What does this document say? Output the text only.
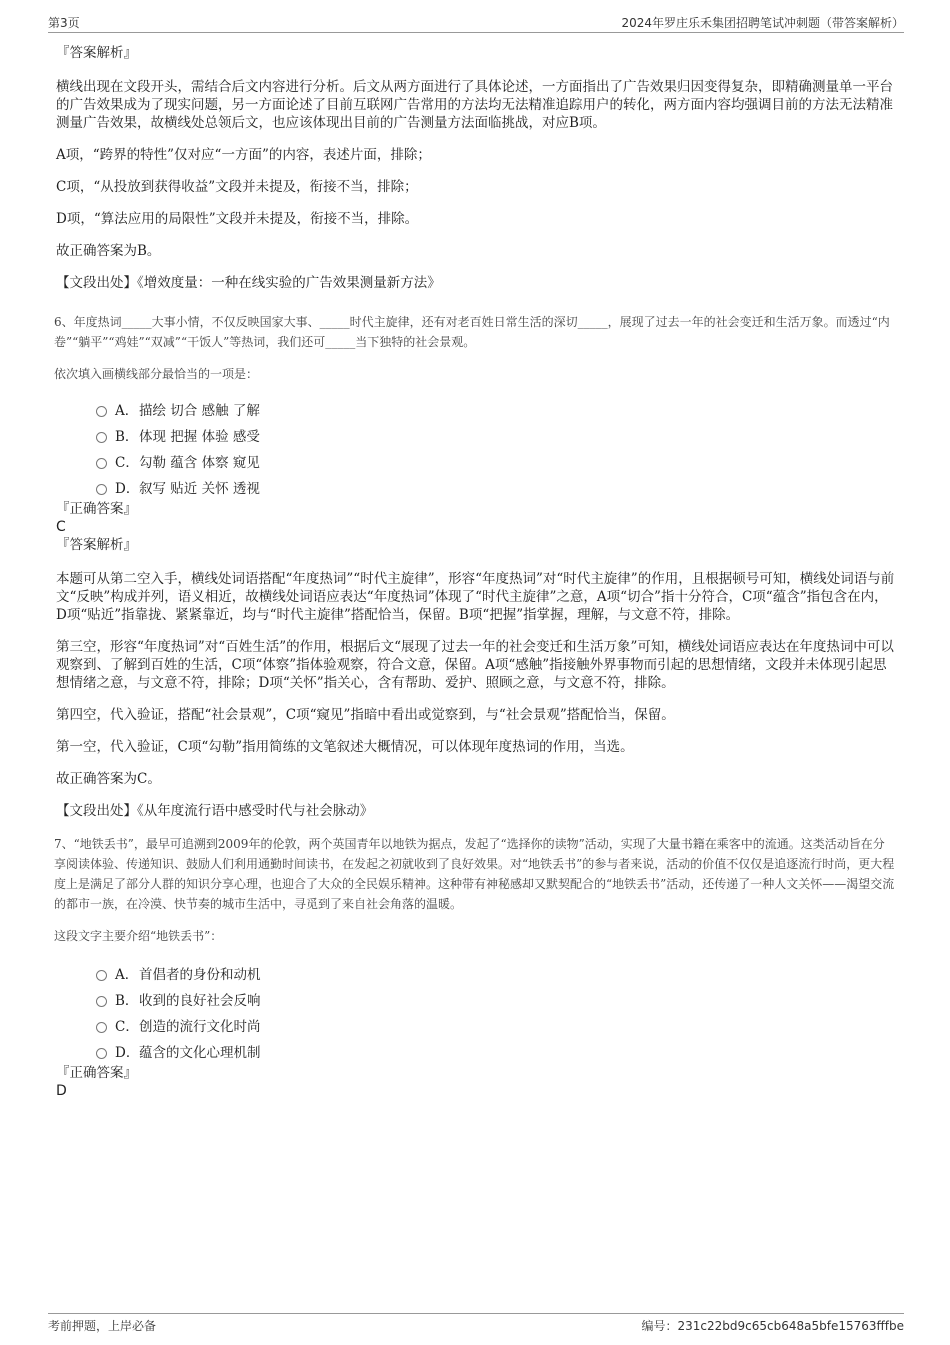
第3页	2024年罗庄乐禾集团招聘笔试冲刺题（带答案解析）
『答案解析』

横线出现在文段开头，需结合后文内容进行分析。后文从两方面进行了具体论述，一方面指出了广告效果归因变得复杂，即精确测量单一平台的广告效果成为了现实问题，另一方面论述了目前互联网广告常用的方法均无法精准追踪用户的转化，两方面内容均强调目前的方法无法精准测量广告效果，故横线处总领后文，也应该体现出目前的广告测量方法面临挑战，对应B项。

A项，“跨界的特性”仅对应“一方面”的内容，表述片面，排除；

C项，“从投放到获得收益”文段并未提及，衔接不当，排除；

D项，“算法应用的局限性”文段并未提及，衔接不当，排除。

故正确答案为B。

【文段出处】《增效度量：一种在线实验的广告效果测量新方法》

6、年度热词_____大事小情，不仅反映国家大事、_____时代主旋律，还有对老百姓日常生活的深切_____，展现了过去一年的社会变迁和生活万象。而透过“内卷”“躺平”“鸡娃”“双减”“干饭人”等热词，我们还可_____当下独特的社会景观。

依次填入画横线部分最恰当的一项是：

A． 描绘 切合 感触 了解
B． 体现 把握 体验 感受
C． 勾勒 蕴含 体察 窥见
D． 叙写 贴近 关怀 透视
『正确答案』
C
『答案解析』

本题可从第二空入手，横线处词语搭配“年度热词”“时代主旋律”，形容“年度热词”对“时代主旋律”的作用，且根据顿号可知，横线处词语与前文“反映”构成并列，语义相近，故横线处词语应表达“年度热词”体现了“时代主旋律”之意，A项“切合”指十分符合，C项“蕴含”指包含在内，D项“贴近”指靠拢、紧紧靠近，均与“时代主旋律”搭配恰当，保留。B项“把握”指掌握，理解，与文意不符，排除。

第三空，形容“年度热词”对“百姓生活”的作用，根据后文“展现了过去一年的社会变迁和生活万象”可知，横线处词语应表达在年度热词中可以观察到、了解到百姓的生活，C项“体察”指体验观察，符合文意，保留。A项“感触”指接触外界事物而引起的思想情绪，文段并未体现引起思想情绪之意，与文意不符，排除；D项“关怀”指关心，含有帮助、爱护、照顾之意，与文意不符，排除。

第四空，代入验证，搭配“社会景观”，C项“窥见”指暗中看出或觉察到，与“社会景观”搭配恰当，保留。

第一空，代入验证，C项“勾勒”指用简练的文笔叙述大概情况，可以体现年度热词的作用，当选。

故正确答案为C。

【文段出处】《从年度流行语中感受时代与社会脉动》

7、“地铁丢书”，最早可追溯到2009年的伦敦，两个英国青年以地铁为据点，发起了“选择你的读物”活动，实现了大量书籍在乘客中的流通。这类活动旨在分享阅读体验、传递知识、鼓励人们利用通勤时间读书，在发起之初就收到了良好效果。对“地铁丢书”的参与者来说，活动的价值不仅仅是追逐流行时尚，更大程度上是满足了部分人群的知识分享心理，也迎合了大众的全民娱乐精神。这种带有神秘感却又默契配合的“地铁丢书”活动，还传递了一种人文关怀——渴望交流的都市一族，在冷漠、快节奏的城市生活中，寻觅到了来自社会角落的温暖。

这段文字主要介绍“地铁丢书”：

A． 首倡者的身份和动机
B． 收到的良好社会反响
C． 创造的流行文化时尚
D． 蕴含的文化心理机制
『正确答案』
D
考前押题，上岸必备	编号：231c22bd9c65cb648a5bfe15763fffbe
